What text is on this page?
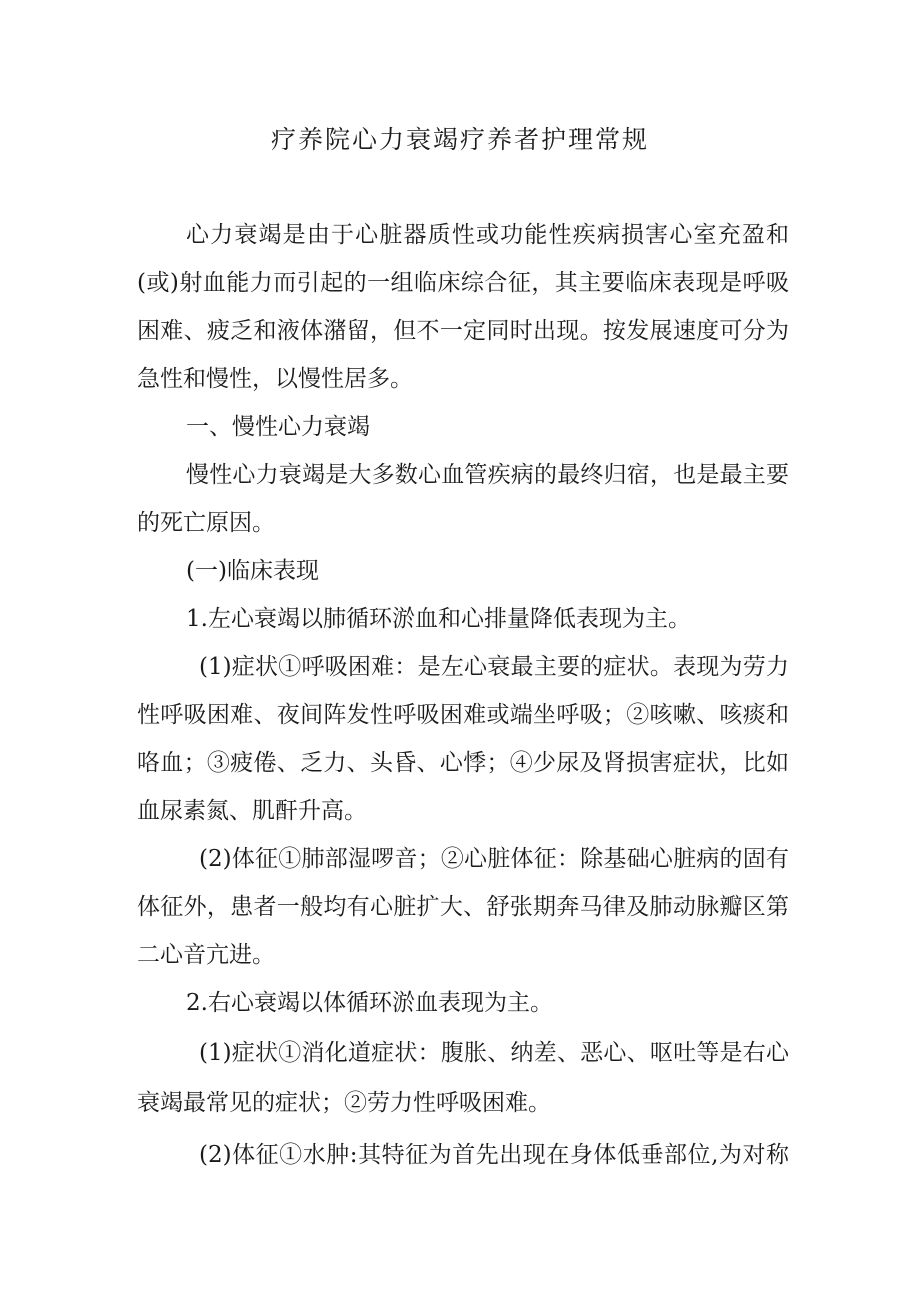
疗养院心力衰竭疗养者护理常规
心力衰竭是由于心脏器质性或功能性疾病损害心室充盈和
(或)射血能力而引起的一组临床综合征，其主要临床表现是呼吸
困难、疲乏和液体潴留，但不一定同时出现。按发展速度可分为
急性和慢性，以慢性居多。
一、慢性心力衰竭
慢性心力衰竭是大多数心血管疾病的最终归宿，也是最主要
的死亡原因。
(一)临床表现
1.左心衰竭以肺循环淤血和心排量降低表现为主。
(1)症状①呼吸困难：是左心衰最主要的症状。表现为劳力
性呼吸困难、夜间阵发性呼吸困难或端坐呼吸；②咳嗽、咳痰和
咯血；③疲倦、乏力、头昏、心悸；④少尿及肾损害症状，比如
血尿素氮、肌酐升高。
(2)体征①肺部湿啰音；②心脏体征：除基础心脏病的固有
体征外，患者一般均有心脏扩大、舒张期奔马律及肺动脉瓣区第
二心音亢进。
2.右心衰竭以体循环淤血表现为主。
(1)症状①消化道症状：腹胀、纳差、恶心、呕吐等是右心
衰竭最常见的症状；②劳力性呼吸困难。
(2)体征①水肿:其特征为首先出现在身体低垂部位,为对称
